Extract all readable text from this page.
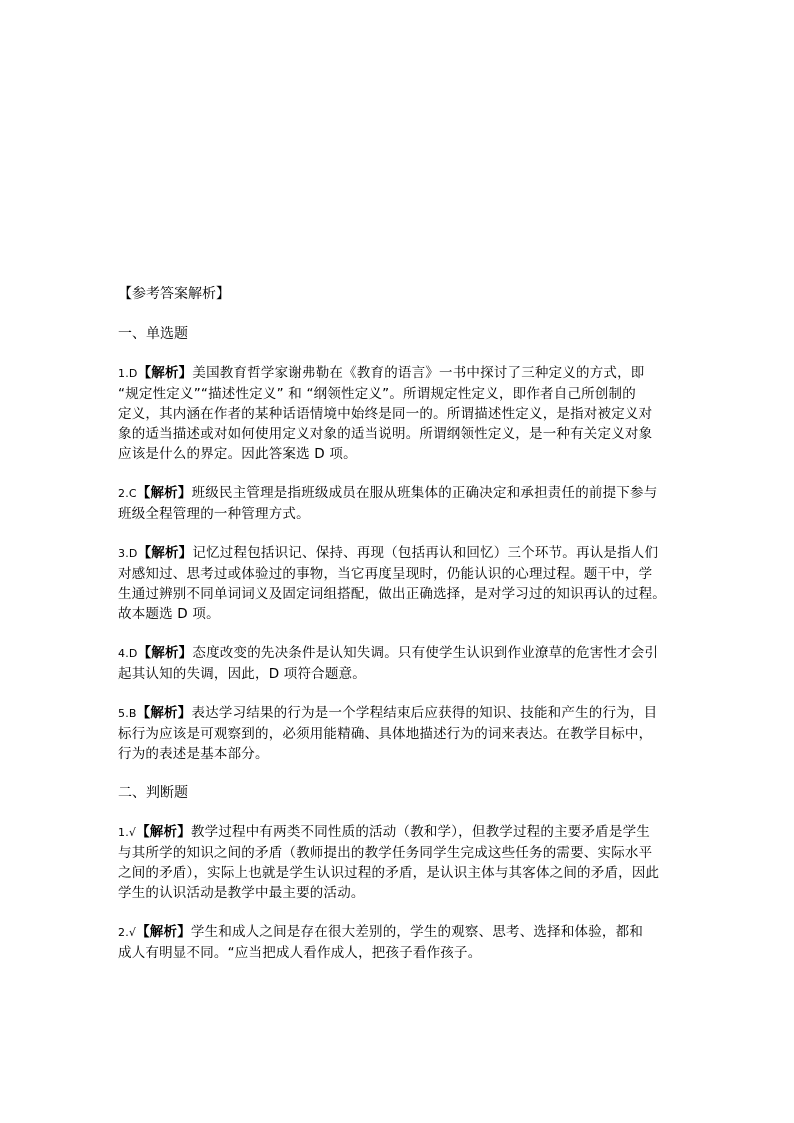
【参考答案解析】

一、单选题

1.D【解析】美国教育哲学家谢弗勒在《教育的语言》一书中探讨了三种定义的方式，即

“规定性定义”“描述性定义” 和 “纲领性定义”。所谓规定性定义，即作者自己所创制的

定义，其内涵在作者的某种话语情境中始终是同一的。所谓描述性定义，是指对被定义对

象的适当描述或对如何使用定义对象的适当说明。所谓纲领性定义，是一种有关定义对象

应该是什么的界定。因此答案选 D 项。

2.C【解析】班级民主管理是指班级成员在服从班集体的正确决定和承担责任的前提下参与

班级全程管理的一种管理方式。

3.D【解析】记忆过程包括识记、保持、再现（包括再认和回忆）三个环节。再认是指人们

对感知过、思考过或体验过的事物，当它再度呈现时，仍能认识的心理过程。题干中，学

生通过辨别不同单词词义及固定词组搭配，做出正确选择，是对学习过的知识再认的过程。

故本题选 D 项。

4.D【解析】态度改变的先决条件是认知失调。只有使学生认识到作业潦草的危害性才会引

起其认知的失调，因此，D 项符合题意。

5.B【解析】表达学习结果的行为是一个学程结束后应获得的知识、技能和产生的行为，目

标行为应该是可观察到的，必须用能精确、具体地描述行为的词来表达。在教学目标中，

行为的表述是基本部分。

二、判断题

1.√【解析】教学过程中有两类不同性质的活动（教和学），但教学过程的主要矛盾是学生

与其所学的知识之间的矛盾（教师提出的教学任务同学生完成这些任务的需要、实际水平

之间的矛盾），实际上也就是学生认识过程的矛盾，是认识主体与其客体之间的矛盾，因此

学生的认识活动是教学中最主要的活动。

2.√【解析】学生和成人之间是存在很大差别的，学生的观察、思考、选择和体验，都和

成人有明显不同。“应当把成人看作成人，把孩子看作孩子。
